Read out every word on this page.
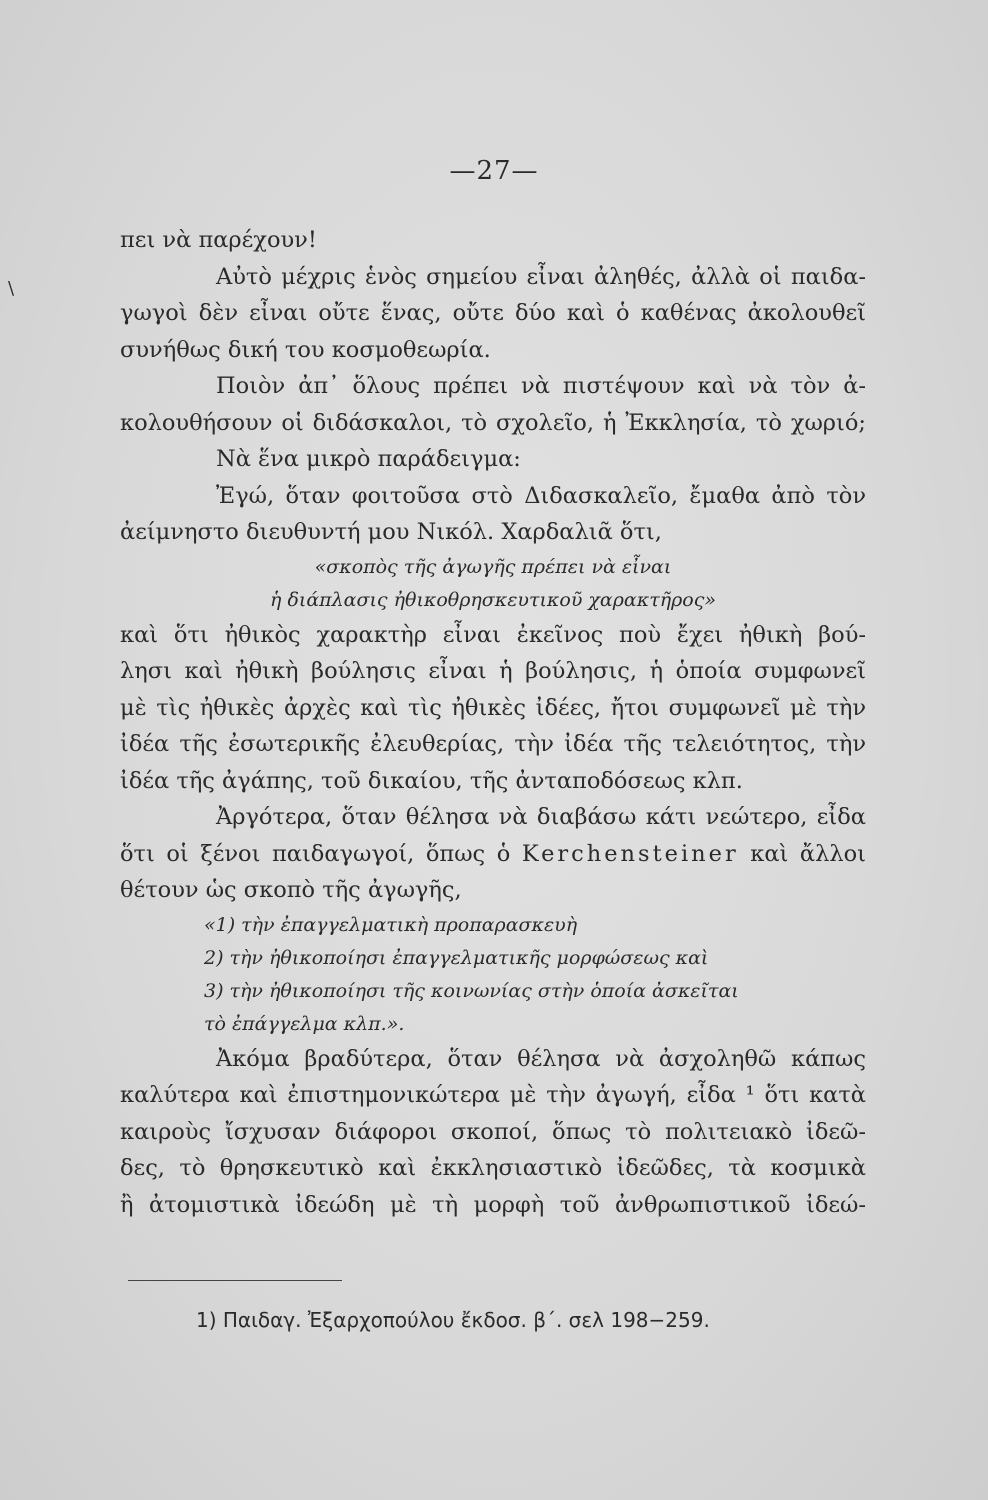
\
—27—
πει νὰ παρέχουν!
Αὐτὸ μέχρις ἑνὸς σημείου εἶναι ἀληθές, ἀλλὰ οἱ παιδα-
γωγοὶ δὲν εἶναι οὔτε ἕνας, οὔτε δύο καὶ ὁ καθένας ἀκολουθεῖ
συνήθως δική του κοσμοθεωρία.
Ποιὸν ἀπ᾽ ὅλους πρέπει νὰ πιστέψουν καὶ νὰ τὸν ἀ-
κολουθήσουν οἱ διδάσκαλοι, τὸ σχολεῖο, ἡ Ἐκκλησία, τὸ χωριό;
Νὰ ἕνα μικρὸ παράδειγμα:
Ἐγώ, ὅταν φοιτοῦσα στὸ Διδασκαλεῖο, ἔμαθα ἀπὸ τὸν
ἀείμνηστο διευθυντή μου Νικόλ. Χαρδαλιᾶ ὅτι,
«σκοπὸς τῆς ἀγωγῆς πρέπει νὰ εἶναι
ἡ διάπλασις ἠθικοθρησκευτικοῦ χαρακτῆρος»
καὶ ὅτι ἠθικὸς χαρακτὴρ εἶναι ἐκεῖνος ποὺ ἔχει ἠθικὴ βού-
λησι καὶ ἠθικὴ βούλησις εἶναι ἡ βούλησις, ἡ ὁποία συμφωνεῖ
μὲ τὶς ἠθικὲς ἀρχὲς καὶ τὶς ἠθικὲς ἰδέες, ἤτοι συμφωνεῖ μὲ τὴν
ἰδέα τῆς ἐσωτερικῆς ἐλευθερίας, τὴν ἰδέα τῆς τελειότητος, τὴν
ἰδέα τῆς ἀγάπης, τοῦ δικαίου, τῆς ἀνταποδόσεως κλπ.
Ἀργότερα, ὅταν θέλησα νὰ διαβάσω κάτι νεώτερο, εἶδα
ὅτι οἱ ξένοι παιδαγωγοί, ὅπως ὁ Kerchensteiner καὶ ἄλλοι
θέτουν ὡς σκοπὸ τῆς ἀγωγῆς,
«1) τὴν ἐπαγγελματικὴ προπαρασκευὴ
2) τὴν ἠθικοποίησι ἐπαγγελματικῆς μορφώσεως καὶ
3) τὴν ἠθικοποίησι τῆς κοινωνίας στὴν ὁποία ἀσκεῖται
τὸ ἐπάγγελμα κλπ.».
Ἀκόμα βραδύτερα, ὅταν θέλησα νὰ ἀσχοληθῶ κάπως
καλύτερα καὶ ἐπιστημονικώτερα μὲ τὴν ἀγωγή, εἶδα ¹ ὅτι κατὰ
καιροὺς ἴσχυσαν διάφοροι σκοποί, ὅπως τὸ πολιτειακὸ ἰδεῶ-
δες, τὸ θρησκευτικὸ καὶ ἐκκλησιαστικὸ ἰδεῶδες, τὰ κοσμικὰ
ἢ ἀτομιστικὰ ἰδεώδη μὲ τὴ μορφὴ τοῦ ἀνθρωπιστικοῦ ἰδεώ-
1) Παιδαγ. Ἐξαρχοπούλου ἔκδοσ. β΄. σελ 198−259.
